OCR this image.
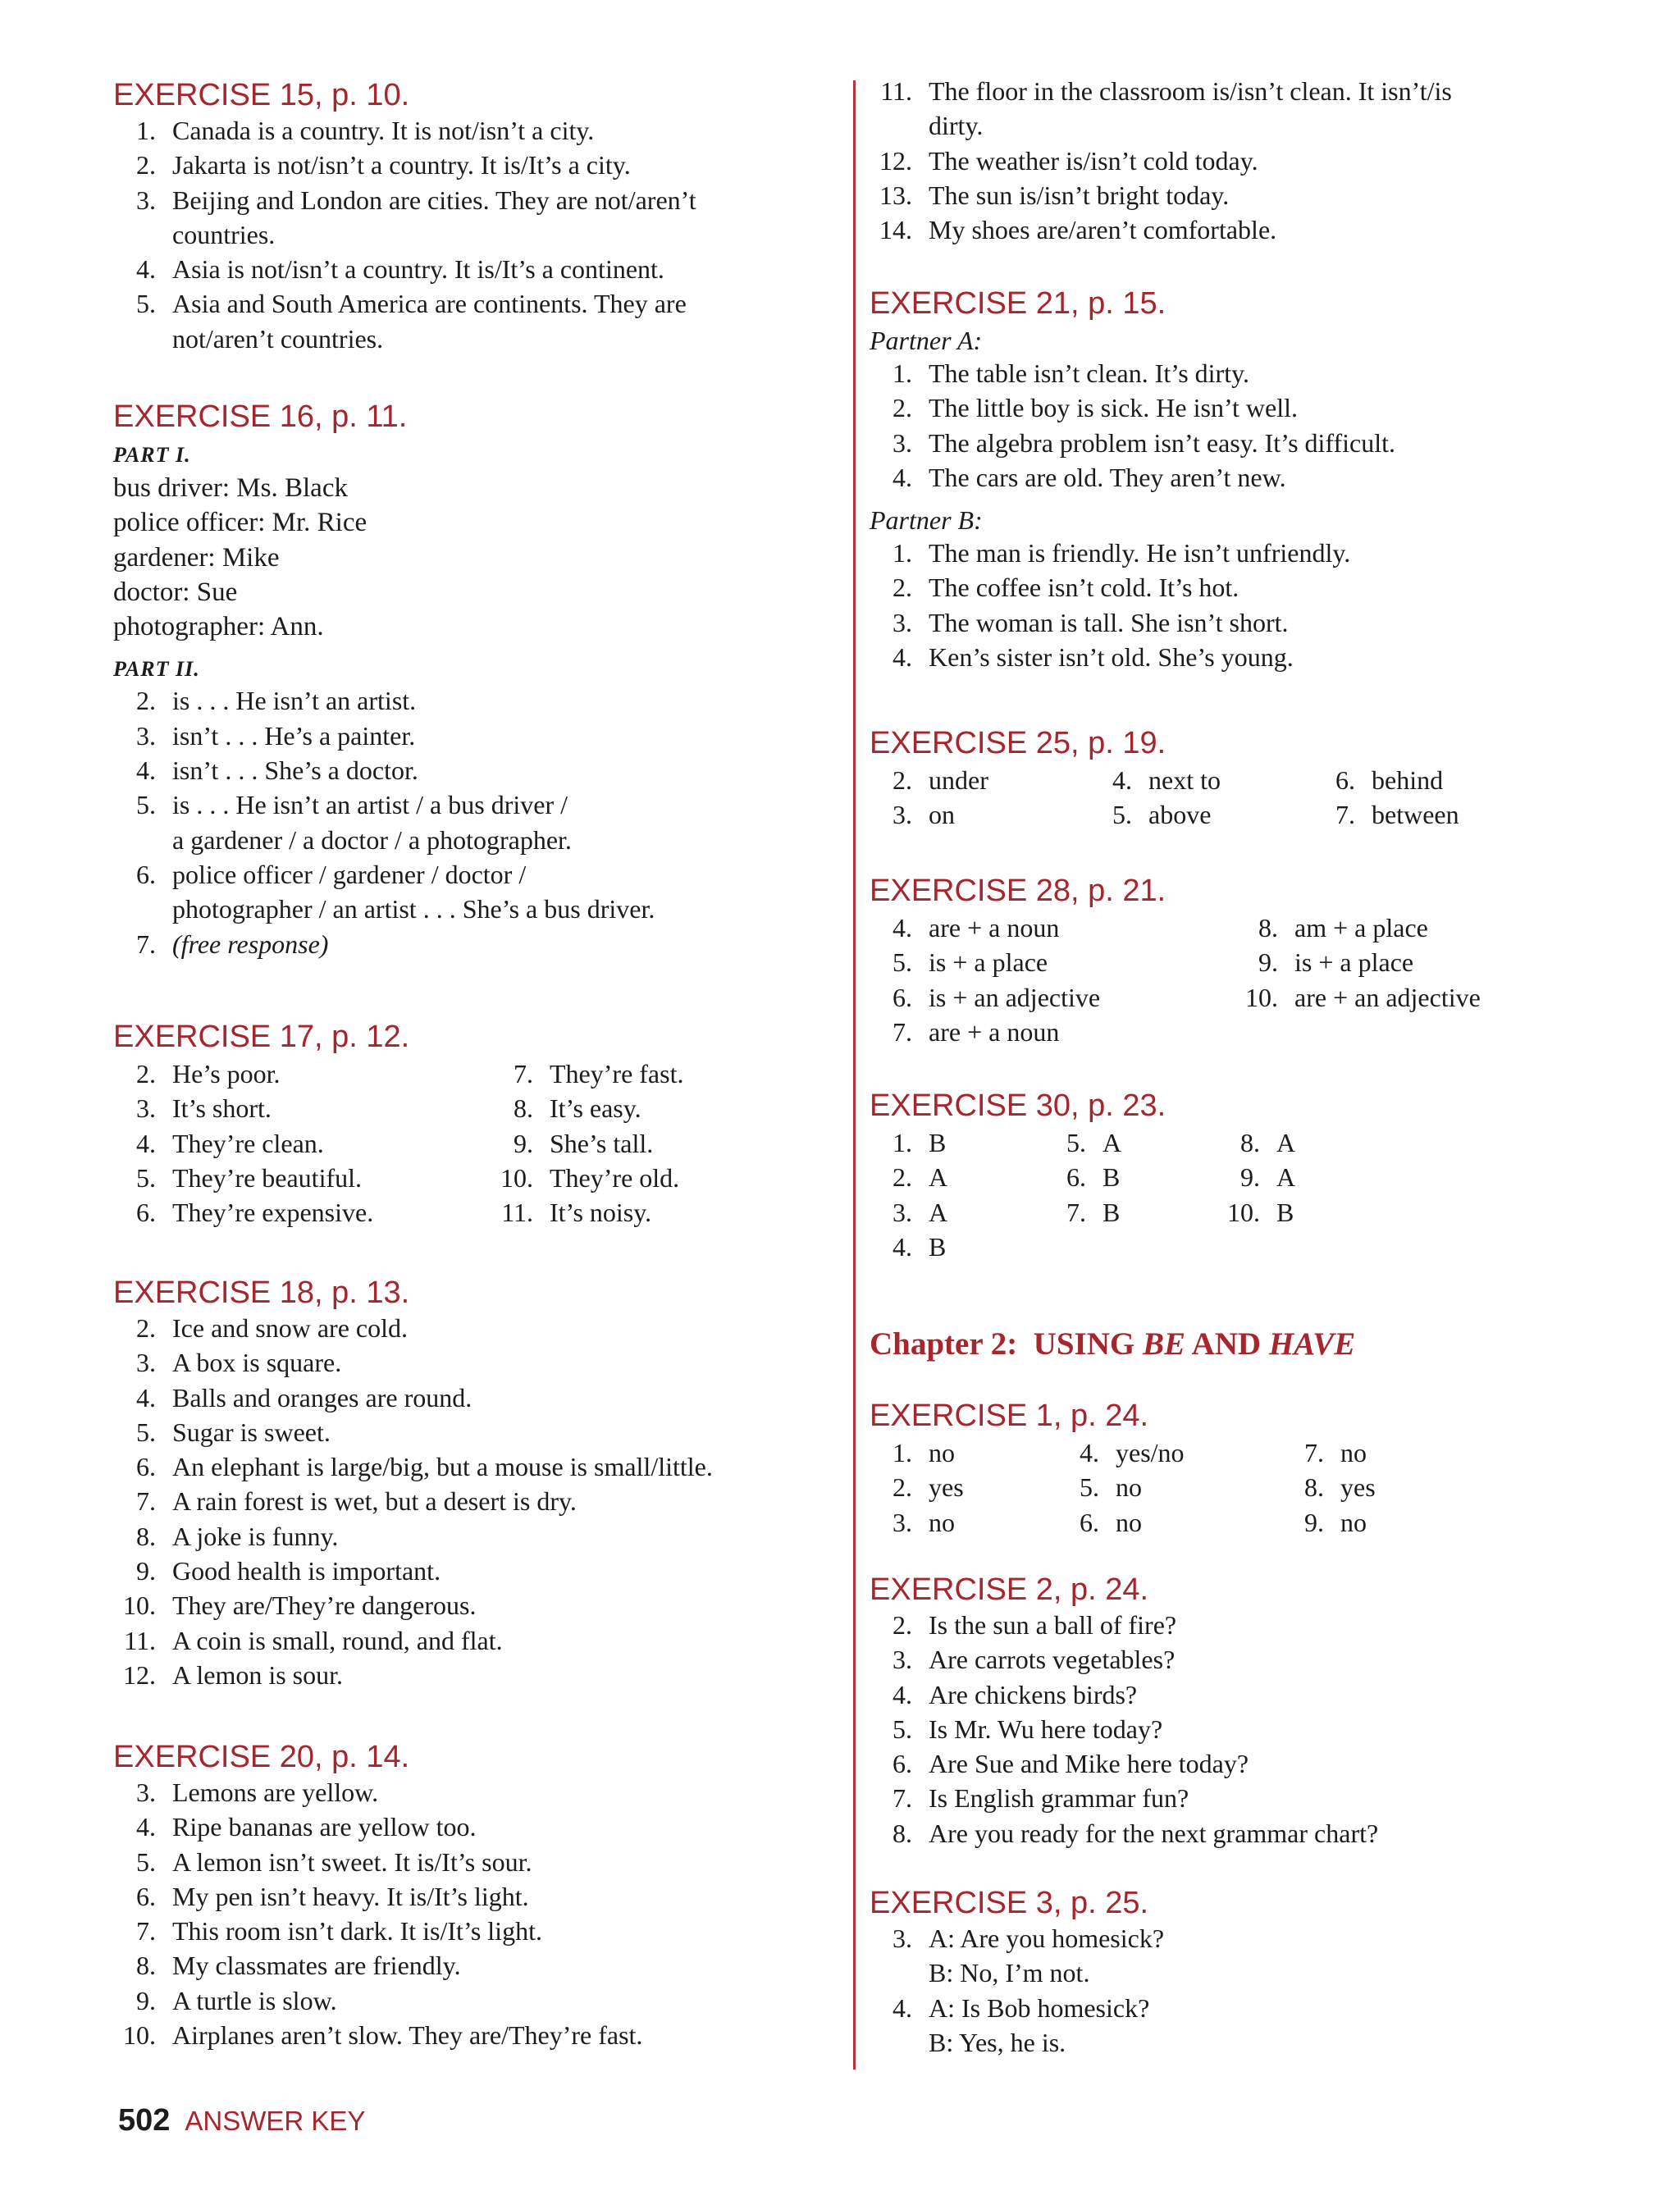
EXERCISE 15, p. 10.
1. Canada is a country. It is not/isn’t a city.
2. Jakarta is not/isn’t a country. It is/It’s a city.
3. Beijing and London are cities. They are not/aren’t
countries.
4. Asia is not/isn’t a country. It is/It’s a continent.
5. Asia and South America are continents. They are
not/aren’t countries.
EXERCISE 16, p. 11.
PART I.
bus driver: Ms. Black
police officer: Mr. Rice
gardener: Mike
doctor: Sue
photographer: Ann.
PART II.
2. is . . . He isn’t an artist.
3. isn’t . . . He’s a painter.
4. isn’t . . . She’s a doctor.
5. is . . . He isn’t an artist / a bus driver /
a gardener / a doctor / a photographer.
6. police officer / gardener / doctor /
photographer / an artist . . . She’s a bus driver.
7. (free response)
EXERCISE 17, p. 12.
2. He’s poor.
3. It’s short.
4. They’re clean.
5. They’re beautiful.
6. They’re expensive.
7. They’re fast.
8. It’s easy.
9. She’s tall.
10. They’re old.
11. It’s noisy.
EXERCISE 18, p. 13.
2. Ice and snow are cold.
3. A box is square.
4. Balls and oranges are round.
5. Sugar is sweet.
6. An elephant is large/big, but a mouse is small/little.
7. A rain forest is wet, but a desert is dry.
8. A joke is funny.
9. Good health is important.
10. They are/They’re dangerous.
11. A coin is small, round, and flat.
12. A lemon is sour.
EXERCISE 20, p. 14.
3. Lemons are yellow.
4. Ripe bananas are yellow too.
5. A lemon isn’t sweet. It is/It’s sour.
6. My pen isn’t heavy. It is/It’s light.
7. This room isn’t dark. It is/It’s light.
8. My classmates are friendly.
9. A turtle is slow.
10. Airplanes aren’t slow. They are/They’re fast.
11. The floor in the classroom is/isn’t clean. It isn’t/is
dirty.
12. The weather is/isn’t cold today.
13. The sun is/isn’t bright today.
14. My shoes are/aren’t comfortable.
EXERCISE 21, p. 15.
Partner A:
1. The table isn’t clean. It’s dirty.
2. The little boy is sick. He isn’t well.
3. The algebra problem isn’t easy. It’s difficult.
4. The cars are old. They aren’t new.
Partner B:
1. The man is friendly. He isn’t unfriendly.
2. The coffee isn’t cold. It’s hot.
3. The woman is tall. She isn’t short.
4. Ken’s sister isn’t old. She’s young.
EXERCISE 25, p. 19.
2. under
3. on
4. next to
5. above
6. behind
7. between
EXERCISE 28, p. 21.
4. are + a noun
5. is + a place
6. is + an adjective
7. are + a noun
8. am + a place
9. is + a place
10. are + an adjective
EXERCISE 30, p. 23.
1. B
2. A
3. A
4. B
5. A
6. B
7. B
8. A
9. A
10. B
Chapter 2:  USING BE AND HAVE
EXERCISE 1, p. 24.
1. no
2. yes
3. no
4. yes/no
5. no
6. no
7. no
8. yes
9. no
EXERCISE 2, p. 24.
2. Is the sun a ball of fire?
3. Are carrots vegetables?
4. Are chickens birds?
5. Is Mr. Wu here today?
6. Are Sue and Mike here today?
7. Is English grammar fun?
8. Are you ready for the next grammar chart?
EXERCISE 3, p. 25.
3. A: Are you homesick?
B: No, I’m not.
4. A: Is Bob homesick?
B: Yes, he is.
502 ANSWER KEY
